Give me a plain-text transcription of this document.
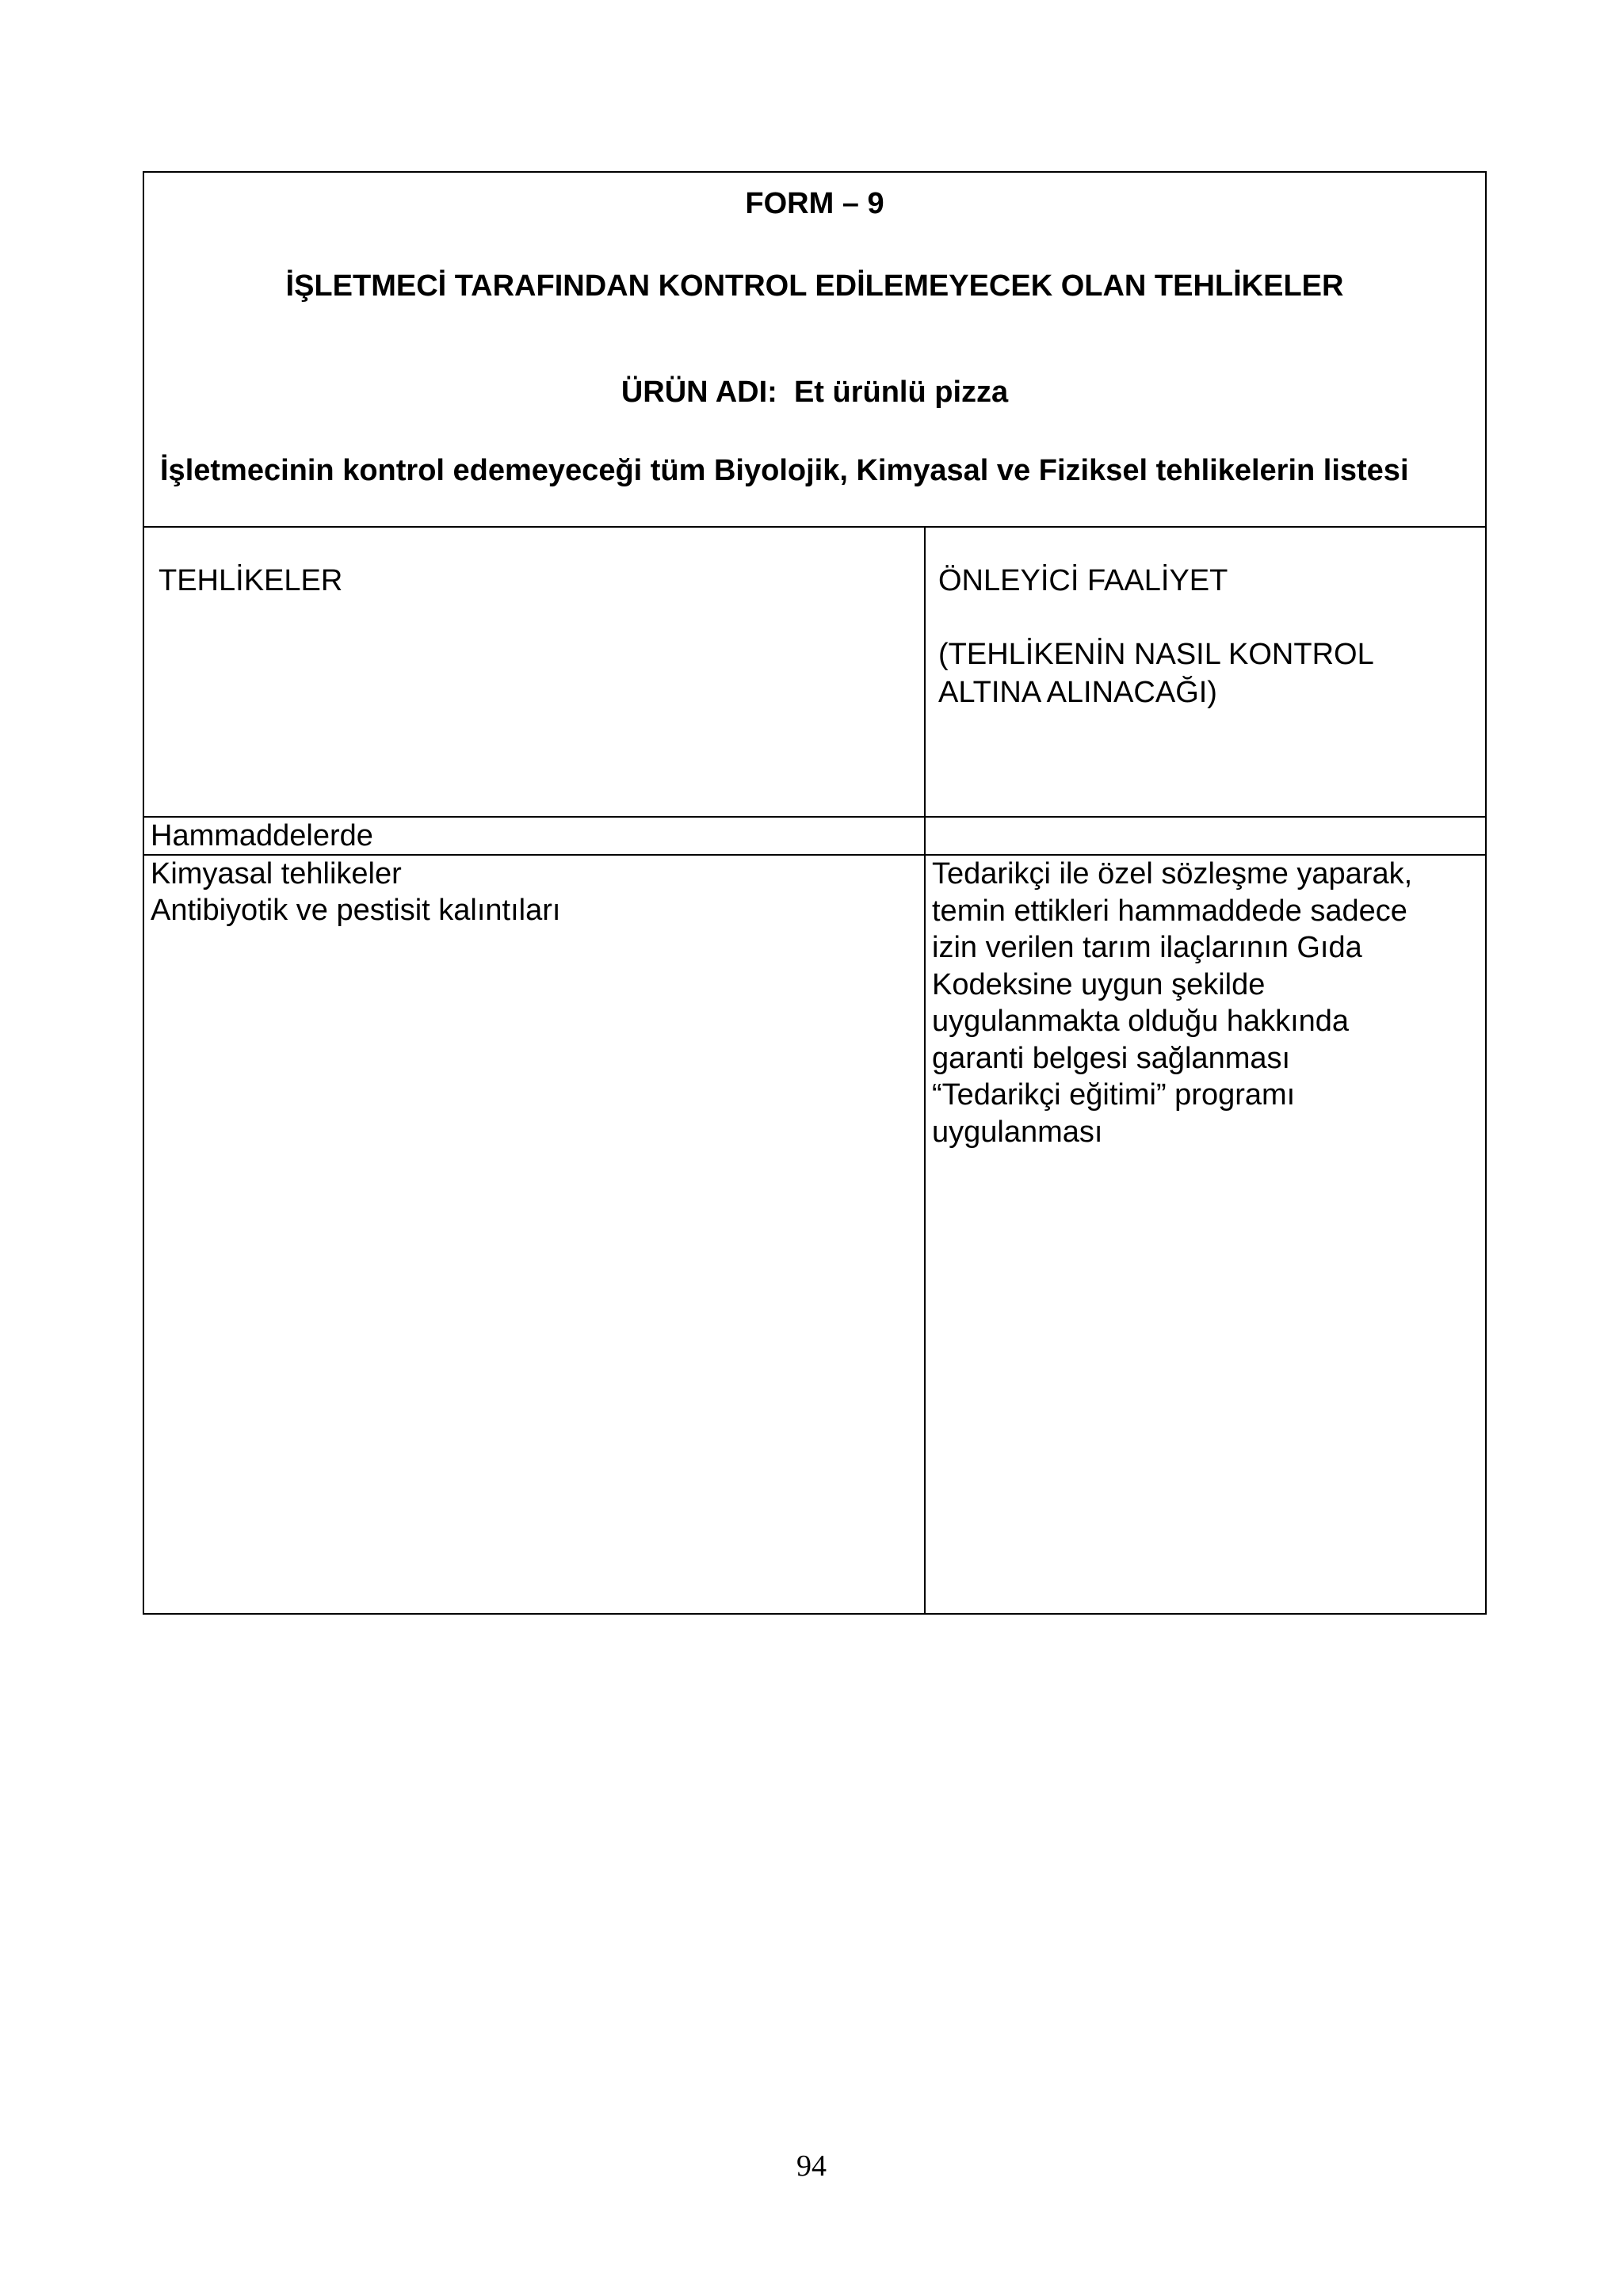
FORM – 9
İŞLETMECİ TARAFINDAN KONTROL EDİLEMEYECEK OLAN TEHLİKELER
ÜRÜN ADI: Et ürünlü pizza
İşletmecinin kontrol edemeyeceği tüm Biyolojik, Kimyasal ve Fiziksel tehlikelerin listesi
TEHLİKELER	ÖNLEYİCİ FAALİYET
(TEHLİKENİN NASIL KONTROL ALTINA ALINACAĞI)
Hammaddelerde
Kimyasal tehlikeler
Antibiyotik ve pestisit kalıntıları
Tedarikçi ile özel sözleşme yaparak,
temin ettikleri hammaddede sadece
izin verilen tarım ilaçlarının Gıda
Kodeksine uygun şekilde
uygulanmakta olduğu hakkında
garanti belgesi sağlanması
“Tedarikçi eğitimi” programı
uygulanması
94
